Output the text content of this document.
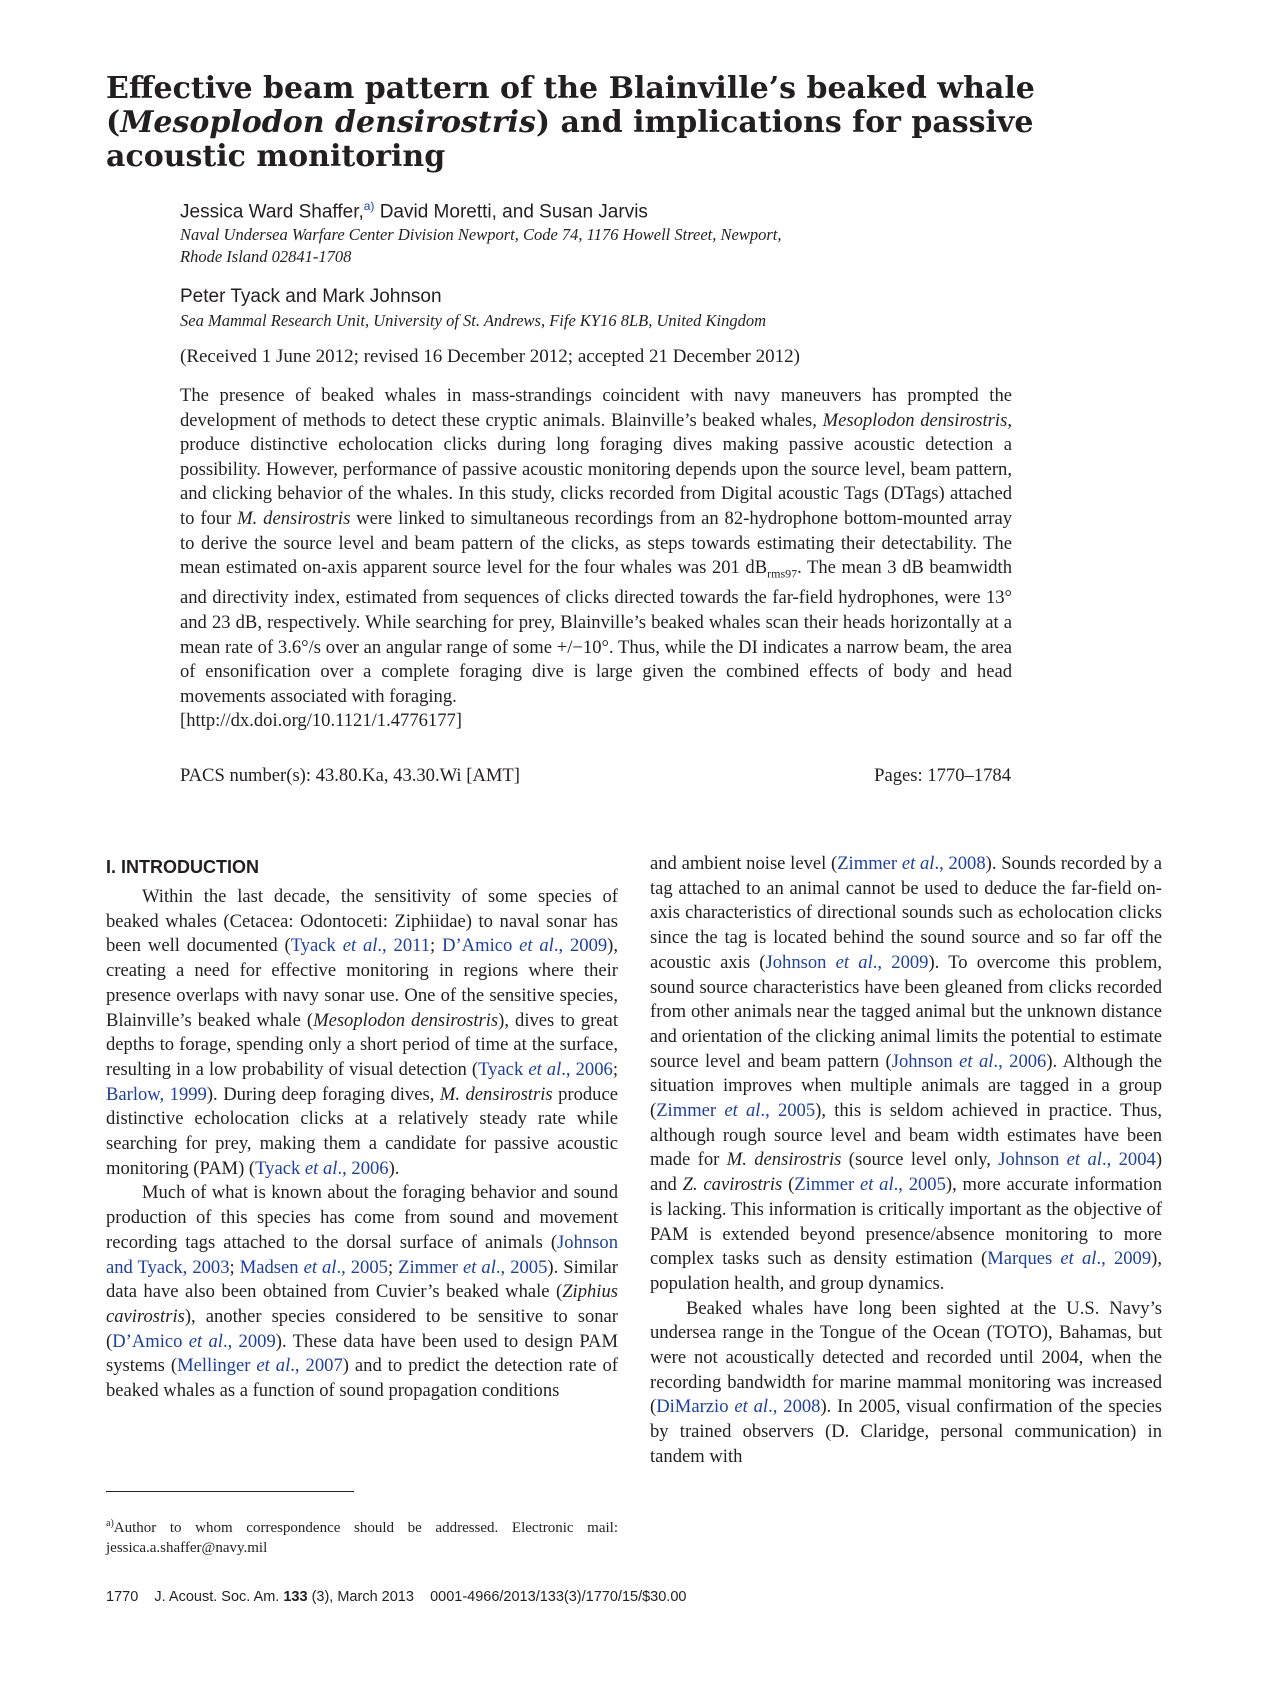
Effective beam pattern of the Blainville’s beaked whale
(Mesoplodon densirostris) and implications for passive
acoustic monitoring
Jessica Ward Shaffer,$^{a)}$ David Moretti, and Susan Jarvis
Naval Undersea Warfare Center Division Newport, Code 74, 1176 Howell Street, Newport,
Rhode Island 02841-1708
Peter Tyack and Mark Johnson
Sea Mammal Research Unit, University of St. Andrews, Fife KY16 8LB, United Kingdom
(Received 1 June 2012; revised 16 December 2012; accepted 21 December 2012)

The presence of beaked whales in mass-strandings coincident with navy maneuvers has prompted the development of methods to detect these cryptic animals. Blainville’s beaked whales, Mesoplodon densirostris, produce distinctive echolocation clicks during long foraging dives making passive acoustic detection a possibility. However, performance of passive acoustic monitoring depends upon the source level, beam pattern, and clicking behavior of the whales. In this study, clicks recorded from Digital acoustic Tags (DTags) attached to four M. densirostris were linked to simultaneous recordings from an 82-hydrophone bottom-mounted array to derive the source level and beam pattern of the clicks, as steps towards estimating their detectability. The mean estimated on-axis apparent source level for the four whales was 201 $dB_{rms97}$. The mean 3 dB beamwidth and directivity index, estimated from sequences of clicks directed towards the far-field hydrophones, were 13° and 23 dB, respectively. While searching for prey, Blainville’s beaked whales scan their heads horizontally at a mean rate of 3.6°/s over an angular range of some +/−10°. Thus, while the DI indicates a narrow beam, the area of ensonification over a complete foraging dive is large given the combined effects of body and head movements associated with foraging.

[http://dx.doi.org/10.1121/1.4776177]

PACS number(s): 43.80.Ka, 43.30.Wi [AMT]	Pages: 1770–1784
I. INTRODUCTION

Within the last decade, the sensitivity of some species of beaked whales (Cetacea: Odontoceti: Ziphiidae) to naval sonar has been well documented (Tyack et al., 2011; D’Amico et al., 2009), creating a need for effective monitoring in regions where their presence overlaps with navy sonar use. One of the sensitive species, Blainville’s beaked whale (Mesoplodon densirostris), dives to great depths to forage, spending only a short period of time at the surface, resulting in a low probability of visual detection (Tyack et al., 2006; Barlow, 1999). During deep foraging dives, M. densirostris produce distinctive echolocation clicks at a relatively steady rate while searching for prey, making them a candidate for passive acoustic monitoring (PAM) (Tyack et al., 2006).

Much of what is known about the foraging behavior and sound production of this species has come from sound and movement recording tags attached to the dorsal surface of animals (Johnson and Tyack, 2003; Madsen et al., 2005; Zimmer et al., 2005). Similar data have also been obtained from Cuvier’s beaked whale (Ziphius cavirostris), another species considered to be sensitive to sonar (D’Amico et al., 2009). These data have been used to design PAM systems (Mellinger et al., 2007) and to predict the detection rate of beaked whales as a function of sound propagation conditions

and ambient noise level (Zimmer et al., 2008). Sounds recorded by a tag attached to an animal cannot be used to deduce the far-field on-axis characteristics of directional sounds such as echolocation clicks since the tag is located behind the sound source and so far off the acoustic axis (Johnson et al., 2009). To overcome this problem, sound source characteristics have been gleaned from clicks recorded from other animals near the tagged animal but the unknown distance and orientation of the clicking animal limits the potential to estimate source level and beam pattern (Johnson et al., 2006). Although the situation improves when multiple animals are tagged in a group (Zimmer et al., 2005), this is seldom achieved in practice. Thus, although rough source level and beam width estimates have been made for M. densirostris (source level only, Johnson et al., 2004) and Z. cavirostris (Zimmer et al., 2005), more accurate information is lacking. This information is critically important as the objective of PAM is extended beyond presence/absence monitoring to more complex tasks such as density estimation (Marques et al., 2009), population health, and group dynamics.

Beaked whales have long been sighted at the U.S. Navy’s undersea range in the Tongue of the Ocean (TOTO), Bahamas, but were not acoustically detected and recorded until 2004, when the recording bandwidth for marine mammal monitoring was increased (DiMarzio et al., 2008). In 2005, visual confirmation of the species by trained observers (D. Claridge, personal communication) in tandem with

$^{a)}$Author to whom correspondence should be addressed. Electronic mail: jessica.a.shaffer@navy.mil
1770 J. Acoust. Soc. Am. 133 (3), March 2013 0001-4966/2013/133(3)/1770/15/$30.00
